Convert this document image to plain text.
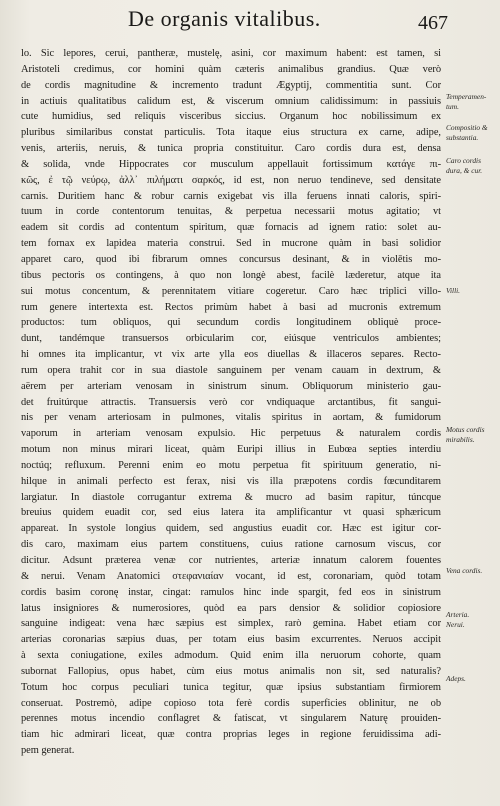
De organis vitalibus.	467
lo. Sic lepores, cerui, pantheræ, mustelę, asini, cor maximum habent: est tamen, si
Aristoteli credimus, cor homini quàm cæteris animalibus grandius. Quæ verò
de cordis magnitudine & incremento tradunt Ægyptij, commentitia sunt. Cor
in actiuis qualitatibus calidum est, & viscerum omnium calidissimum: in passiuis
cute humidius, sed reliquis visceribus siccius. Organum hoc nobilissimum ex
pluribus similaribus constat particulis. Tota itaque eius structura ex carne, adipe,
venis, arteriis, neruis, & tunica propria constituitur. Caro cordis dura est, densa
& solida, vnde Hippocrates cor musculum appellauit fortissimum κατάγε πι-
κῶς, ἐ τῷ νεύρῳ, ἀλλ᾽ πιλήματι σαρκός, id est, non neruo tendineve, sed densitate
carnis. Duritiem hanc & robur carnis exigebat vis illa feruens innati caloris, spiri-
tuum in corde contentorum tenuitas, & perpetua necessarii motus agitatio; vt
eadem sit cordis ad contentum spiritum, quæ fornacis ad ignem ratio: solet au-
tem fornax ex lapidea materia construi. Sed in mucrone quàm in basi solidior
apparet caro, quod ibi fibrarum omnes concursus desinant, & in violētis mo-
tibus pectoris os contingens, à quo non longè abest, facilè læderetur, atque ita
sui motus concentum, & perennitatem vitiare cogeretur. Caro hæc triplici villo-
rum genere intertexta est. Rectos primùm habet à basi ad mucronis extremum
productos: tum obliquos, qui secundum cordis longitudinem obliquè proce-
dunt, tandémque transuersos orbicularim cor, eiúsque ventriculos ambientes;
hi omnes ita implicantur, vt vix arte ylla eos diuellas & illaceros separes. Recto-
rum opera trahit cor in sua diastole sanguinem per venam cauam in dextrum, &
aërem per arteriam venosam in sinistrum sinum. Obliquorum ministerio gau-
det fruitúrque attractis. Transuersis verò cor vndiquaque arctantibus, fit sangui-
nis per venam arteriosam in pulmones, vitalis spiritus in aortam, & fumidorum
vaporum in arteriam venosam expulsio. Hic perpetuus & naturalem cordis
motum non minus mirari liceat, quàm Euripi illius in Eubœa septies interdiu
noctúq; refluxum. Perenni enim eo motu perpetua fit spirituum generatio, ni-
hilque in animali perfecto est ferax, nisi vis illa præpotens cordis fœcunditarem
largiatur. In diastole corrugantur extrema & mucro ad basim rapitur, túncque
breuius quidem euadit cor, sed eius latera ita amplificantur vt quasi sphæricum
appareat. In systole longius quidem, sed angustius euadit cor. Hæc est igitur cor-
dis caro, maximam eius partem constituens, cuius ratione carnosum viscus, cor
dicitur. Adsunt præterea venæ cor nutrientes, arteriæ innatum calorem fouentes
& nerui. Venam Anatomici στεφανιαίαν vocant, id est, coronariam, quòd totam
cordis basim coronę instar, cingat: ramulos hinc inde spargit, fed eos in sinistrum
latus insigniores & numerosiores, quòd ea pars densior & solidior copiosiore
sanguine indigeat: vena hæc sæpius est simplex, rarò gemina. Habet etiam cor
arterias coronarias sæpius duas, per totam eius basim excurrentes. Neruos accipit
à sexta coniugatione, exiles admodum. Quid enim illa neruorum cohorte, quam
subornat Fallopius, opus habet, cùm eius motus animalis non sit, sed naturalis?
Totum hoc corpus peculiari tunica tegitur, quæ ipsius substantiam firmiorem
conseruat. Postremò, adipe copioso tota ferè cordis superficies oblinitur, ne ob
perennes motus incendio conflagret & fatiscat, vt singularem Naturę prouiden-
tiam hic admirari liceat, quæ contra proprias leges in regione feruidissima adi-
pem generat.
Temperamen-
tum.
Compositio &
substantia.
Caro cordis
dura, & cur.
Villi.
Motus cordis
mirabilis.
Vena cordis.
Arteria.
Nerui.
Adeps.
